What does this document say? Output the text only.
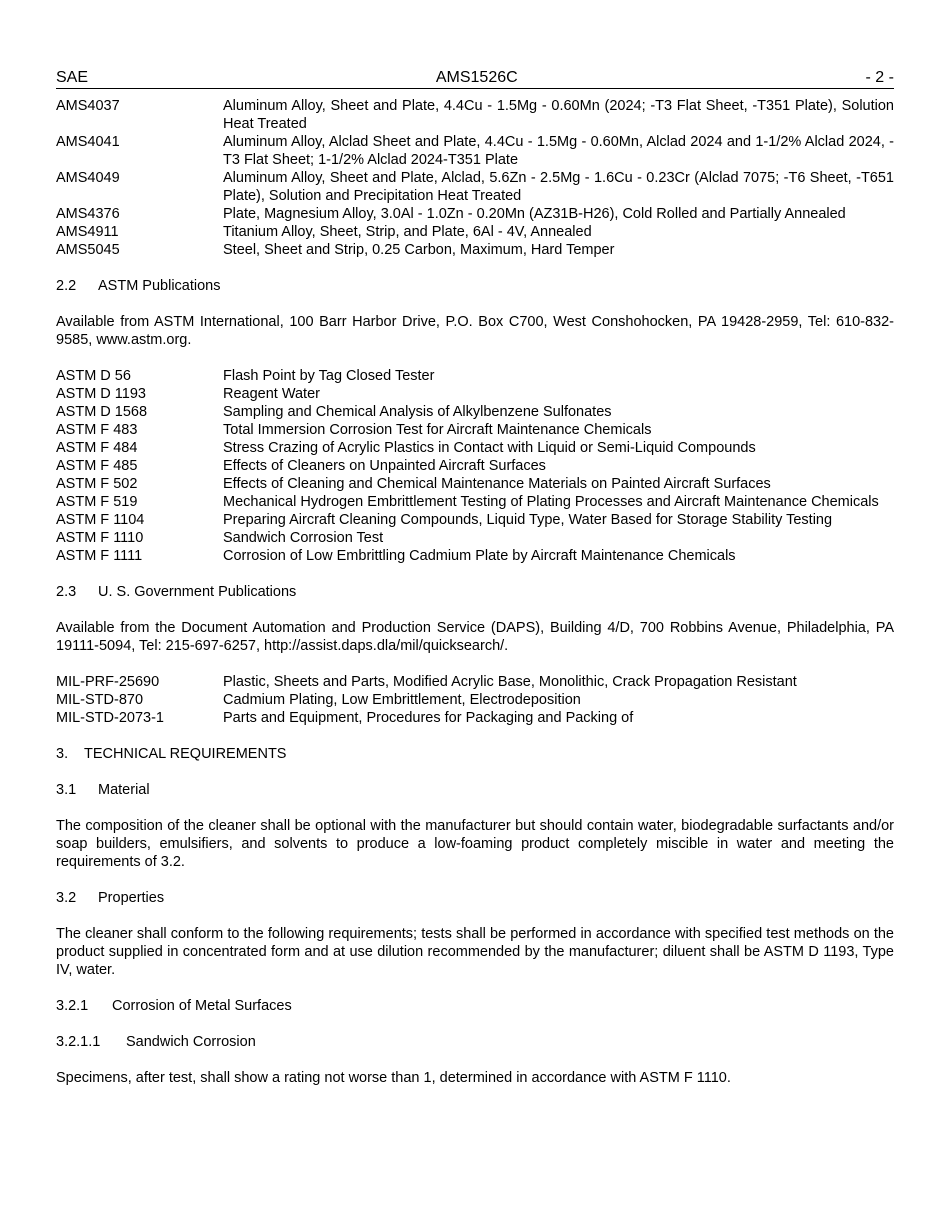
SAE	AMS1526C	- 2 -
AMS4037	Aluminum Alloy, Sheet and Plate, 4.4Cu - 1.5Mg - 0.60Mn (2024; -T3 Flat Sheet, -T351 Plate), Solution Heat Treated
AMS4041	Aluminum Alloy, Alclad Sheet and Plate, 4.4Cu - 1.5Mg - 0.60Mn, Alclad 2024 and 1-1/2% Alclad 2024, -T3 Flat Sheet; 1-1/2% Alclad 2024-T351 Plate
AMS4049	Aluminum Alloy, Sheet and Plate, Alclad, 5.6Zn - 2.5Mg - 1.6Cu - 0.23Cr (Alclad 7075; -T6 Sheet, -T651 Plate), Solution and Precipitation Heat Treated
AMS4376	Plate, Magnesium Alloy, 3.0Al - 1.0Zn - 0.20Mn (AZ31B-H26), Cold Rolled and Partially Annealed
AMS4911	Titanium Alloy, Sheet, Strip, and Plate, 6Al - 4V, Annealed
AMS5045	Steel, Sheet and Strip, 0.25 Carbon, Maximum, Hard Temper
2.2 ASTM Publications

Available from ASTM International, 100 Barr Harbor Drive, P.O. Box C700, West Conshohocken, PA 19428-2959, Tel: 610-832-9585, www.astm.org.

ASTM D 56	Flash Point by Tag Closed Tester
ASTM D 1193	Reagent Water
ASTM D 1568	Sampling and Chemical Analysis of Alkylbenzene Sulfonates
ASTM F 483	Total Immersion Corrosion Test for Aircraft Maintenance Chemicals
ASTM F 484	Stress Crazing of Acrylic Plastics in Contact with Liquid or Semi-Liquid Compounds
ASTM F 485	Effects of Cleaners on Unpainted Aircraft Surfaces
ASTM F 502	Effects of Cleaning and Chemical Maintenance Materials on Painted Aircraft Surfaces
ASTM F 519	Mechanical Hydrogen Embrittlement Testing of Plating Processes and Aircraft Maintenance Chemicals
ASTM F 1104	Preparing Aircraft Cleaning Compounds, Liquid Type, Water Based for Storage Stability Testing
ASTM F 1110	Sandwich Corrosion Test
ASTM F 1111	Corrosion of Low Embrittling Cadmium Plate by Aircraft Maintenance Chemicals
2.3 U. S. Government Publications

Available from the Document Automation and Production Service (DAPS), Building 4/D, 700 Robbins Avenue, Philadelphia, PA 19111-5094, Tel: 215-697-6257, http://assist.daps.dla/mil/quicksearch/.

MIL-PRF-25690	Plastic, Sheets and Parts, Modified Acrylic Base, Monolithic, Crack Propagation Resistant
MIL-STD-870	Cadmium Plating, Low Embrittlement, Electrodeposition
MIL-STD-2073-1	Parts and Equipment, Procedures for Packaging and Packing of
3. TECHNICAL REQUIREMENTS
3.1 Material

The composition of the cleaner shall be optional with the manufacturer but should contain water, biodegradable surfactants and/or soap builders, emulsifiers, and solvents to produce a low-foaming product completely miscible in water and meeting the requirements of 3.2.

3.2 Properties

The cleaner shall conform to the following requirements; tests shall be performed in accordance with specified test methods on the product supplied in concentrated form and at use dilution recommended by the manufacturer; diluent shall be ASTM D 1193, Type IV, water.

3.2.1 Corrosion of Metal Surfaces
3.2.1.1 Sandwich Corrosion

Specimens, after test, shall show a rating not worse than 1, determined in accordance with ASTM F 1110.
